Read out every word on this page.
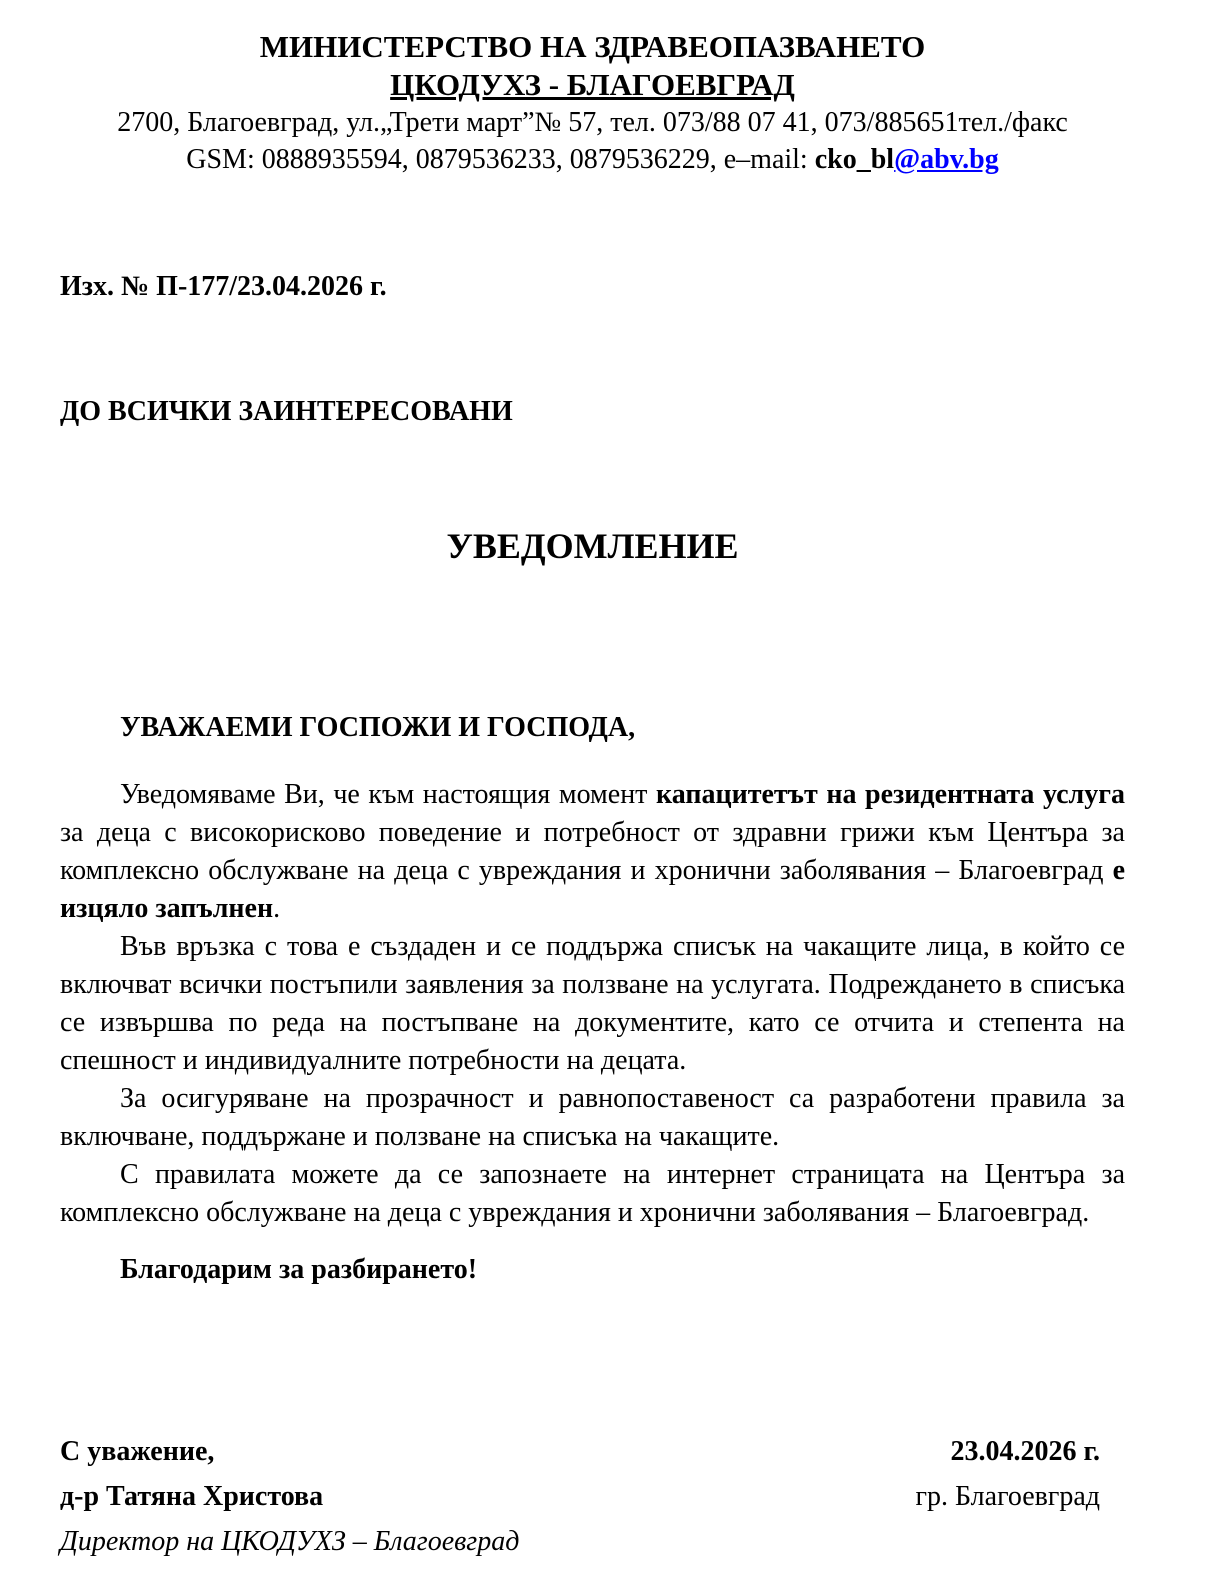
МИНИСТЕРСТВО НА ЗДРАВЕОПАЗВАНЕТО
ЦКОДУХЗ - БЛАГОЕВГРАД
2700, Благоевград, ул.„Трети март”№ 57, тел. 073/88 07 41, 073/885651тел./факс
GSM: 0888935594, 0879536233, 0879536229, e–mail: cko_bl@abv.bg
Изх. № П-177/23.04.2026 г.
ДО ВСИЧКИ ЗАИНТЕРЕСОВАНИ
УВЕДОМЛЕНИЕ
УВАЖАЕМИ ГОСПОЖИ И ГОСПОДА,

Уведомяваме Ви, че към настоящия момент капацитетът на резидентната услуга за деца с високорисково поведение и потребност от здравни грижи към Центъра за комплексно обслужване на деца с увреждания и хронични заболявания – Благоевград е изцяло запълнен.

Във връзка с това е създаден и се поддържа списък на чакащите лица, в който се включват всички постъпили заявления за ползване на услугата. Подреждането в списъка се извършва по реда на постъпване на документите, като се отчита и степента на спешност и индивидуалните потребности на децата.

За осигуряване на прозрачност и равнопоставеност са разработени правила за включване, поддържане и ползване на списъка на чакащите.

С правилата можете да се запознаете на интернет страницата на Центъра за комплексно обслужване на деца с увреждания и хронични заболявания – Благоевград.

Благодарим за разбирането!
С уважение,
д-р Татяна Христова
Директор на ЦКОДУХЗ – Благоевград
23.04.2026 г.
гр. Благоевград
